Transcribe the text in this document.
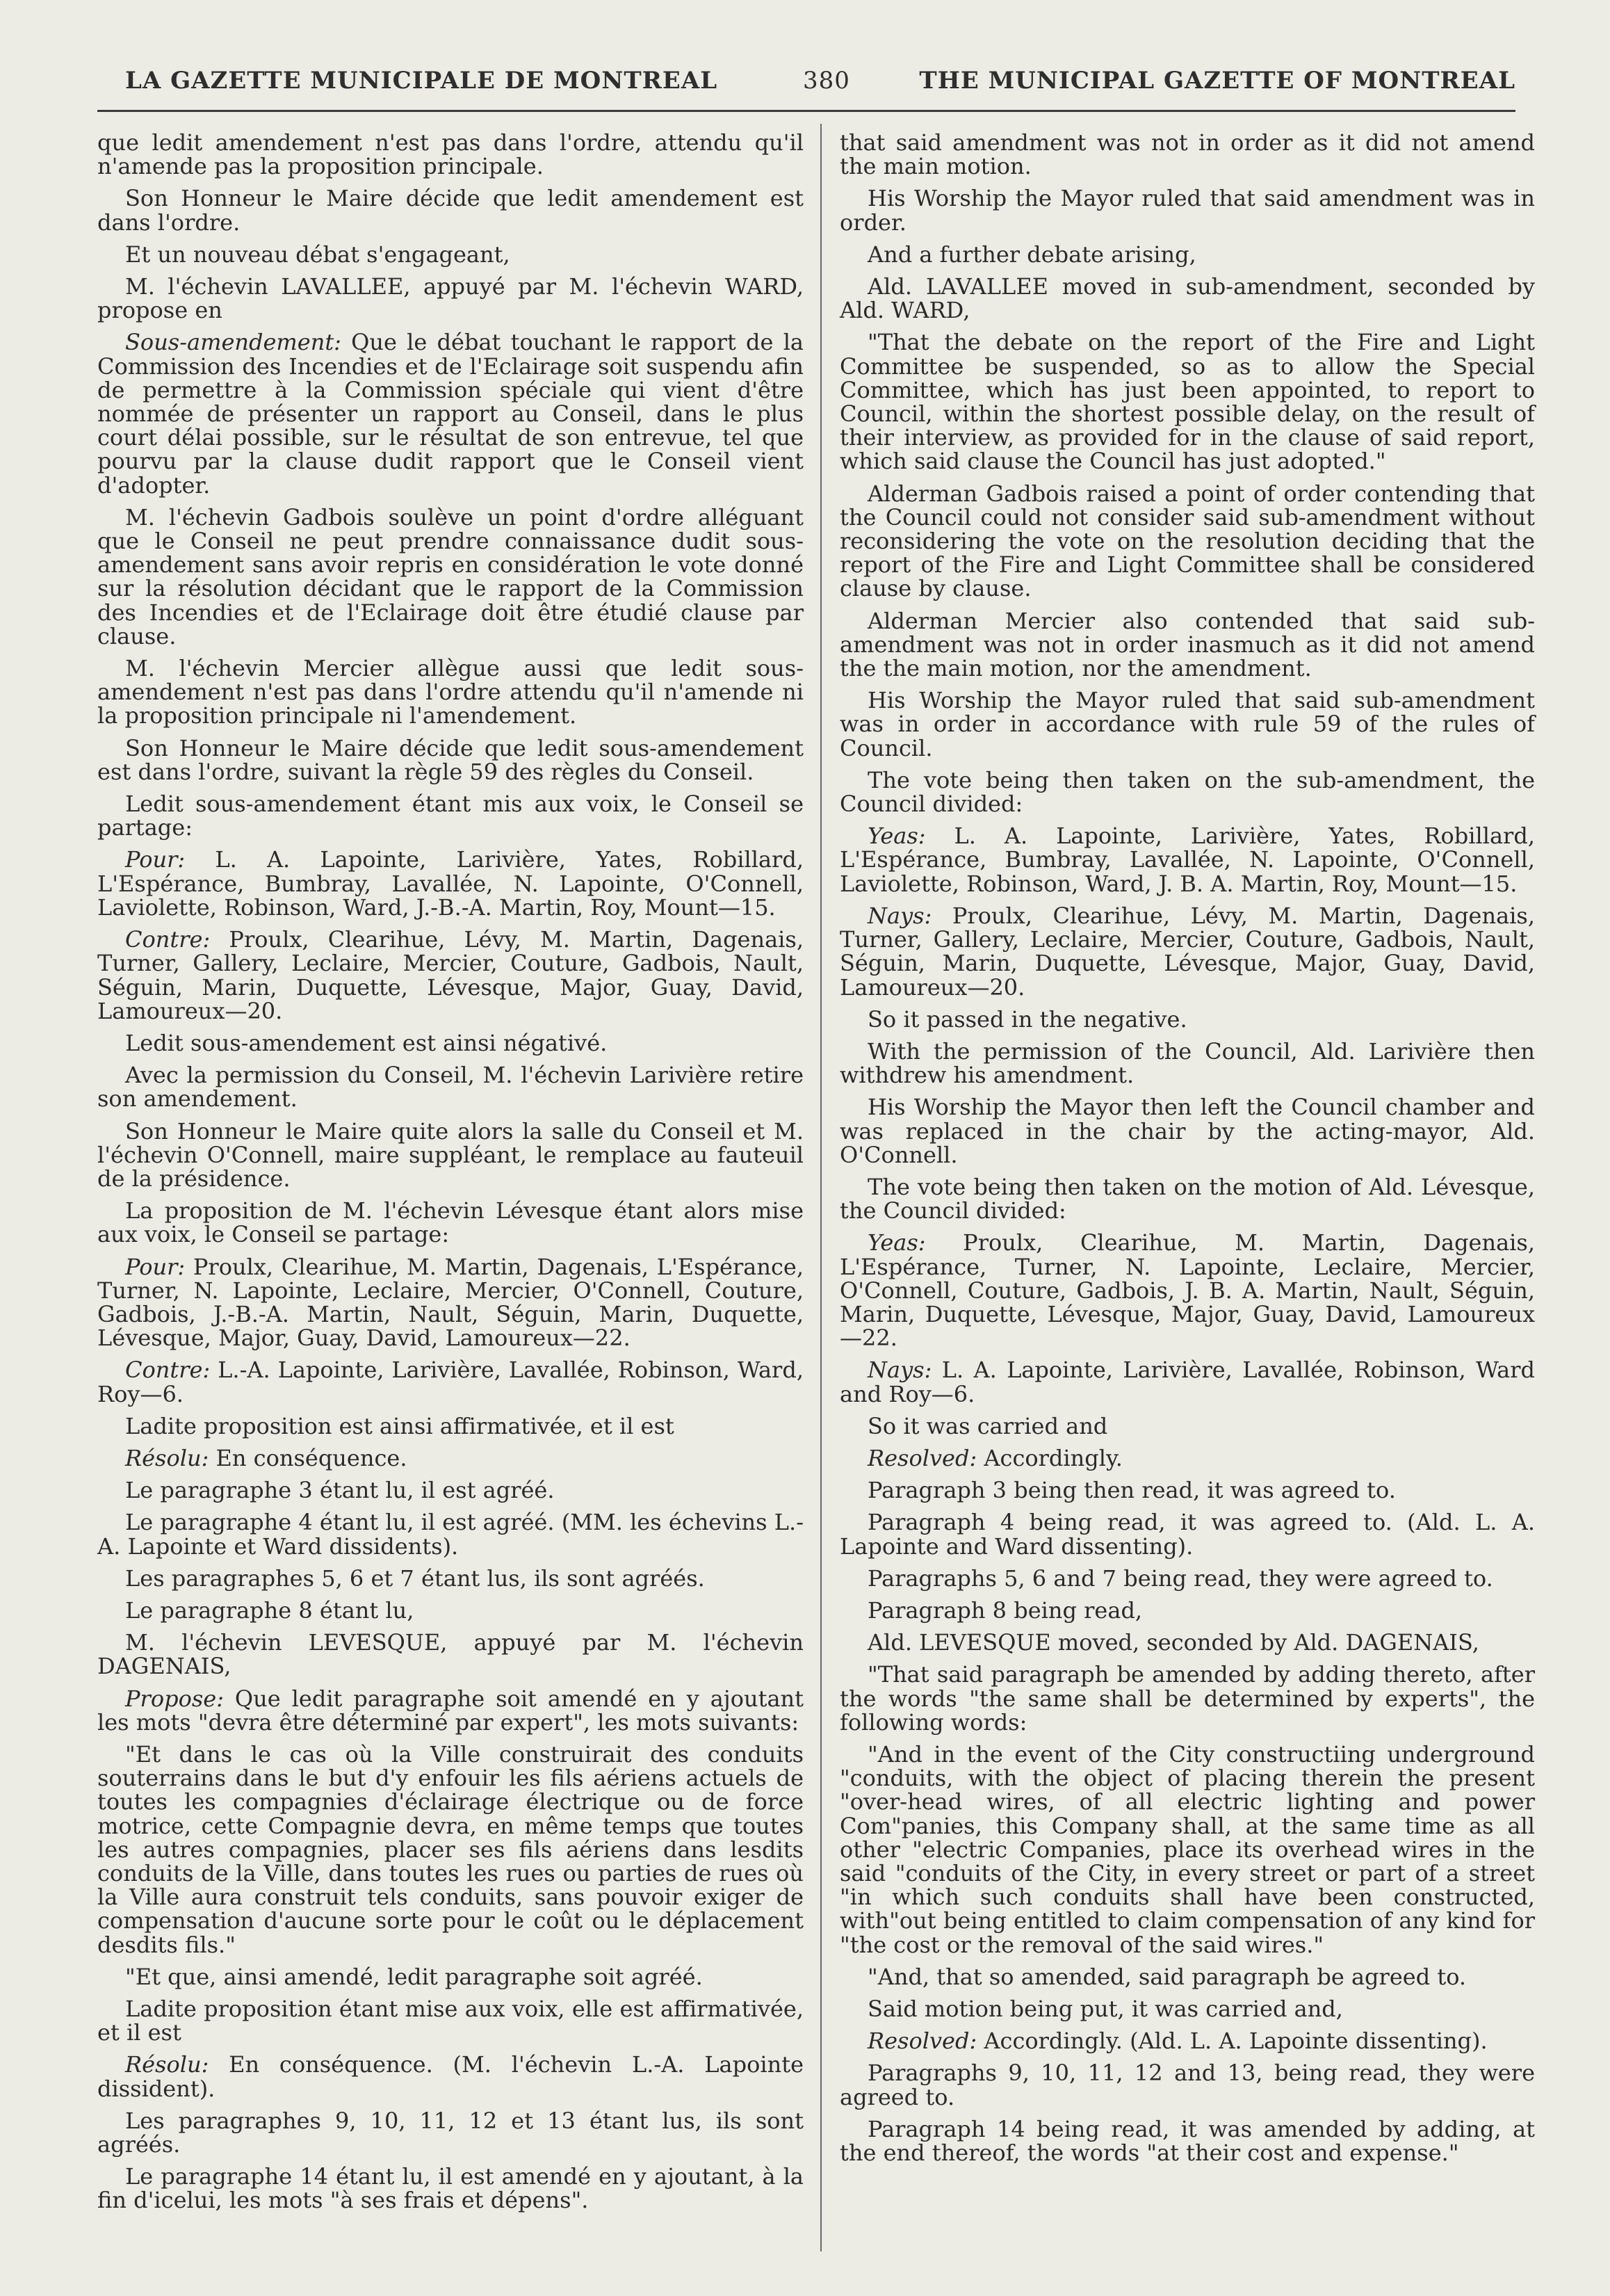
LA GAZETTE MUNICIPALE DE MONTREAL	380	THE MUNICIPAL GAZETTE OF MONTREAL

que ledit amendement n'est pas dans l'ordre, attendu qu'il n'amende pas la proposition principale.

Son Honneur le Maire décide que ledit amendement est dans l'ordre.

Et un nouveau débat s'engageant,

M. l'échevin LAVALLEE, appuyé par M. l'échevin WARD, propose en

Sous-amendement: Que le débat touchant le rapport de la Commission des Incendies et de l'Eclairage soit suspendu afin de permettre à la Commission spéciale qui vient d'être nommée de présenter un rapport au Conseil, dans le plus court délai possible, sur le résultat de son entrevue, tel que pourvu par la clause dudit rapport que le Conseil vient d'adopter.

M. l'échevin Gadbois soulève un point d'ordre alléguant que le Conseil ne peut prendre connaissance dudit sous-amendement sans avoir repris en considération le vote donné sur la résolution décidant que le rapport de la Commission des Incendies et de l'Eclairage doit être étudié clause par clause.

M. l'échevin Mercier allègue aussi que ledit sous-amendement n'est pas dans l'ordre attendu qu'il n'amende ni la proposition principale ni l'amendement.

Son Honneur le Maire décide que ledit sous-amendement est dans l'ordre, suivant la règle 59 des règles du Conseil.

Ledit sous-amendement étant mis aux voix, le Conseil se partage:

Pour: L. A. Lapointe, Larivière, Yates, Robillard, L'Espérance, Bumbray, Lavallée, N. Lapointe, O'Connell, Laviolette, Robinson, Ward, J.-B.-A. Martin, Roy, Mount—15.

Contre: Proulx, Clearihue, Lévy, M. Martin, Dagenais, Turner, Gallery, Leclaire, Mercier, Couture, Gadbois, Nault, Séguin, Marin, Duquette, Lévesque, Major, Guay, David, Lamoureux—20.

Ledit sous-amendement est ainsi négativé.

Avec la permission du Conseil, M. l'échevin Larivière retire son amendement.

Son Honneur le Maire quite alors la salle du Conseil et M. l'échevin O'Connell, maire suppléant, le remplace au fauteuil de la présidence.

La proposition de M. l'échevin Lévesque étant alors mise aux voix, le Conseil se partage:

Pour: Proulx, Clearihue, M. Martin, Dagenais, L'Espérance, Turner, N. Lapointe, Leclaire, Mercier, O'Connell, Couture, Gadbois, J.-B.-A. Martin, Nault, Séguin, Marin, Duquette, Lévesque, Major, Guay, David, Lamoureux—22.

Contre: L.-A. Lapointe, Larivière, Lavallée, Robinson, Ward, Roy—6.

Ladite proposition est ainsi affirmativée, et il est

Résolu: En conséquence.

Le paragraphe 3 étant lu, il est agréé.

Le paragraphe 4 étant lu, il est agréé. (MM. les échevins L.-A. Lapointe et Ward dissidents).

Les paragraphes 5, 6 et 7 étant lus, ils sont agréés.

Le paragraphe 8 étant lu,

M. l'échevin LEVESQUE, appuyé par M. l'échevin DAGENAIS,

Propose: Que ledit paragraphe soit amendé en y ajoutant les mots "devra être déterminé par expert", les mots suivants:

"Et dans le cas où la Ville construirait des conduits souterrains dans le but d'y enfouir les fils aériens actuels de toutes les compagnies d'éclairage électrique ou de force motrice, cette Compagnie devra, en même temps que toutes les autres compagnies, placer ses fils aériens dans lesdits conduits de la Ville, dans toutes les rues ou parties de rues où la Ville aura construit tels conduits, sans pouvoir exiger de compensation d'aucune sorte pour le coût ou le déplacement desdits fils."

"Et que, ainsi amendé, ledit paragraphe soit agréé.

Ladite proposition étant mise aux voix, elle est affirmativée, et il est

Résolu: En conséquence. (M. l'échevin L.-A. Lapointe dissident).

Les paragraphes 9, 10, 11, 12 et 13 étant lus, ils sont agréés.

Le paragraphe 14 étant lu, il est amendé en y ajoutant, à la fin d'icelui, les mots "à ses frais et dépens".

that said amendment was not in order as it did not amend the main motion.

His Worship the Mayor ruled that said amendment was in order.

And a further debate arising,

Ald. LAVALLEE moved in sub-amendment, seconded by Ald. WARD,

"That the debate on the report of the Fire and Light Committee be suspended, so as to allow the Special Committee, which has just been appointed, to report to Council, within the shortest possible delay, on the result of their interview, as provided for in the clause of said report, which said clause the Council has just adopted."

Alderman Gadbois raised a point of order contending that the Council could not consider said sub-amendment without reconsidering the vote on the resolution deciding that the report of the Fire and Light Committee shall be considered clause by clause.

Alderman Mercier also contended that said sub-amendment was not in order inasmuch as it did not amend the the main motion, nor the amendment.

His Worship the Mayor ruled that said sub-amendment was in order in accordance with rule 59 of the rules of Council.

The vote being then taken on the sub-amendment, the Council divided:

Yeas: L. A. Lapointe, Larivière, Yates, Robillard, L'Espérance, Bumbray, Lavallée, N. Lapointe, O'Connell, Laviolette, Robinson, Ward, J. B. A. Martin, Roy, Mount—15.

Nays: Proulx, Clearihue, Lévy, M. Martin, Dagenais, Turner, Gallery, Leclaire, Mercier, Couture, Gadbois, Nault, Séguin, Marin, Duquette, Lévesque, Major, Guay, David, Lamoureux—20.

So it passed in the negative.

With the permission of the Council, Ald. Larivière then withdrew his amendment.

His Worship the Mayor then left the Council chamber and was replaced in the chair by the acting-mayor, Ald. O'Connell.

The vote being then taken on the motion of Ald. Lévesque, the Council divided:

Yeas: Proulx, Clearihue, M. Martin, Dagenais, L'Espérance, Turner, N. Lapointe, Leclaire, Mercier, O'Connell, Couture, Gadbois, J. B. A. Martin, Nault, Séguin, Marin, Duquette, Lévesque, Major, Guay, David, Lamoureux—22.

Nays: L. A. Lapointe, Larivière, Lavallée, Robinson, Ward and Roy—6.

So it was carried and

Resolved: Accordingly.

Paragraph 3 being then read, it was agreed to.

Paragraph 4 being read, it was agreed to. (Ald. L. A. Lapointe and Ward dissenting).

Paragraphs 5, 6 and 7 being read, they were agreed to.

Paragraph 8 being read,

Ald. LEVESQUE moved, seconded by Ald. DAGENAIS,

"That said paragraph be amended by adding thereto, after the words "the same shall be determined by experts", the following words:

"And in the event of the City constructiing underground "conduits, with the object of placing therein the present "over-head wires, of all electric lighting and power Com"panies, this Company shall, at the same time as all other "electric Companies, place its overhead wires in the said "conduits of the City, in every street or part of a street "in which such conduits shall have been constructed, with"out being entitled to claim compensation of any kind for "the cost or the removal of the said wires."

"And, that so amended, said paragraph be agreed to.

Said motion being put, it was carried and,

Resolved: Accordingly. (Ald. L. A. Lapointe dissenting).

Paragraphs 9, 10, 11, 12 and 13, being read, they were agreed to.

Paragraph 14 being read, it was amended by adding, at the end thereof, the words "at their cost and expense."
